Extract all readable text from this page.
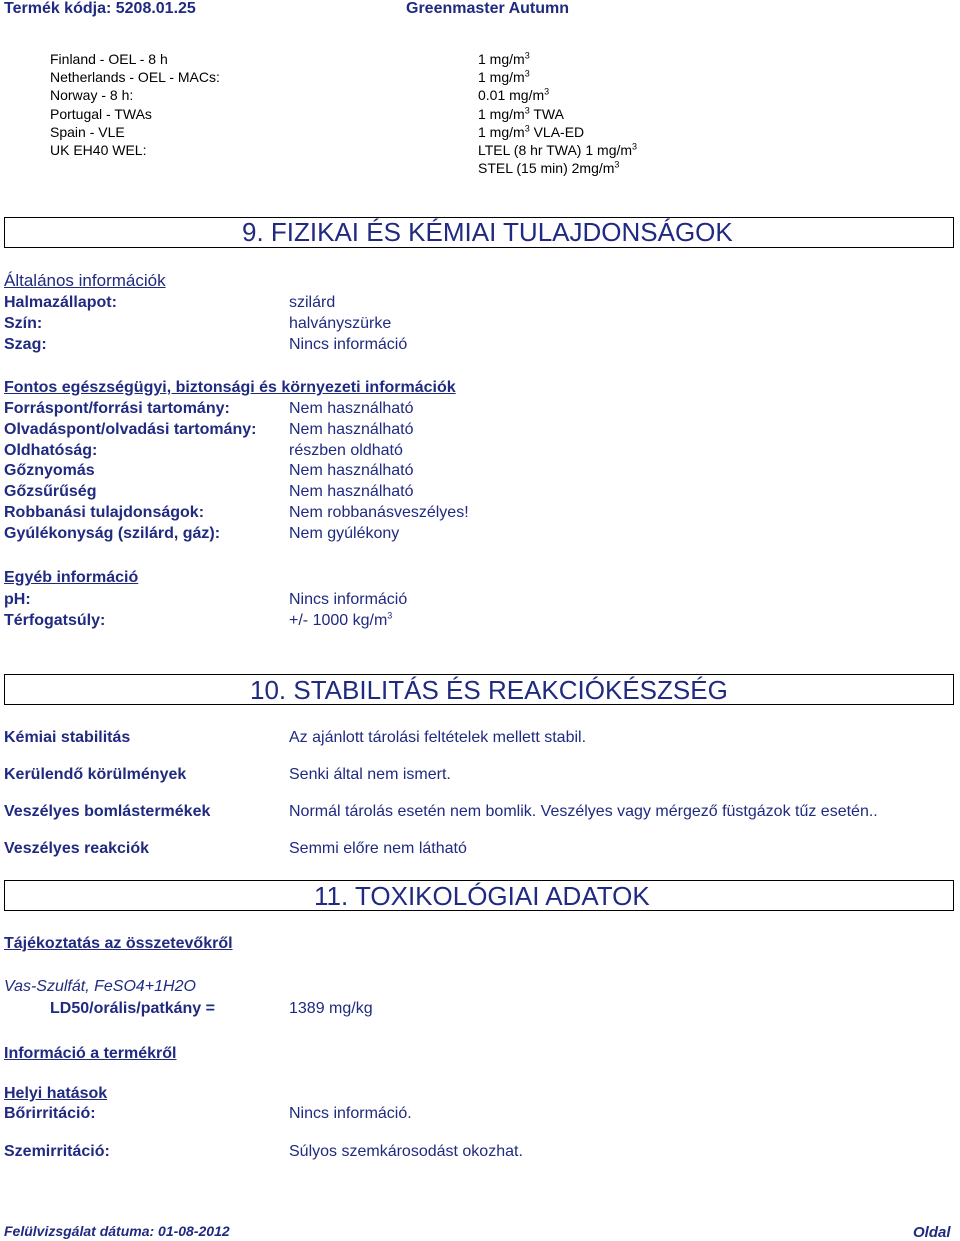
Termék kódja: 5208.01.25	Greenmaster Autumn
Finland - OEL - 8 h	1 $mg/m^3$
Netherlands - OEL - MACs:	1 $mg/m^3$
Norway - 8 h:	0.01 $mg/m^3$
Portugal - TWAs	1 $mg/m^3$ TWA
Spain - VLE	1 $mg/m^3$ VLA-ED
UK EH40 WEL:	LTEL (8 hr TWA) 1 $mg/m^3$
STEL (15 min) $2mg/m^3$
9. FIZIKAI ÉS KÉMIAI TULAJDONSÁGOK
Általános információk
Halmazállapot:	szilárd
Szín:	halványszürke
Szag:	Nincs információ
Fontos egészségügyi, biztonsági és környezeti információk
Forráspont/forrási tartomány:	Nem használható
Olvadáspont/olvadási tartomány: Nem használható
Oldhatóság:	részben oldható
Gőznyomás	Nem használható
Gőzsűrűség	Nem használható
Robbanási tulajdonságok:	Nem robbanásveszélyes!
Gyúlékonyság (szilárd, gáz):	Nem gyúlékony
Egyéb információ
pH:	Nincs információ
Térfogatsúly:	+/- 1000 $kg/m^3$
10. STABILITÁS ÉS REAKCIÓKÉSZSÉG
Kémiai stabilitás	Az ajánlott tárolási feltételek mellett stabil.
Kerülendő körülmények	Senki által nem ismert.
Veszélyes bomlástermékek	Normál tárolás esetén nem bomlik. Veszélyes vagy mérgező füstgázok tűz esetén..
Veszélyes reakciók	Semmi előre nem látható
11. TOXIKOLÓGIAI ADATOK
Tájékoztatás az összetevőkről
Vas-Szulfát, FeSO4+1H2O
LD50/orális/patkány =	1389 mg/kg
Információ a termékről
Helyi hatások
Bőrirritáció:	Nincs információ.
Szemirritáció:	Súlyos szemkárosodást okozhat.
Felülvizsgálat dátuma: 01-08-2012	Oldal
